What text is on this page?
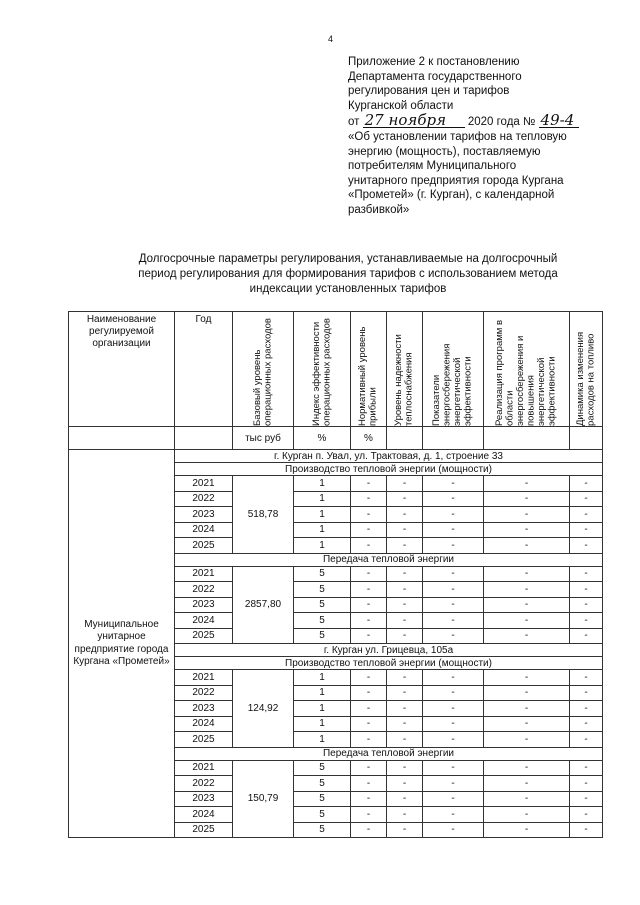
4
Приложение 2 к постановлению
Департамента государственного
регулирования цен и тарифов
Курганской области
от 27 ноября 2020 года № 49-4
«Об установлении тарифов на тепловую
энергию (мощность), поставляемую
потребителям Муниципального
унитарного предприятия города Кургана
«Прометей» (г. Курган), с календарной
разбивкой»
Долгосрочные параметры регулирования, устанавливаемые на долгосрочный
период регулирования для формирования тарифов с использованием метода
индексации установленных тарифов
Наименование регулируемой организации	Год	Базовый уровень операционных расходов	Индекс эффективности операционных расходов	Нормативный уровень прибыли	Уровень надежности теплоснабжения	Показатели энергосбережения энергетической эффективности	Реализация программ в области энергосбережения и повышения энергетической эффективности	Динамика изменения расходов на топливо

		тыс руб	%	%				
Муниципальное унитарное предприятие города Кургана «Прометей»	г. Курган п. Увал, ул. Трактовая, д. 1, строение 33							
	Производство тепловой энергии (мощности)							
	2021	518,78	1	-	-	-	-	-
	2022		1	-	-	-	-	-
	2023		1	-	-	-	-	-
	2024		1	-	-	-	-	-
	2025		1	-	-	-	-	-
	Передача тепловой энергии							
	2021	2857,80	5	-	-	-	-	-
	2022		5	-	-	-	-	-
	2023		5	-	-	-	-	-
	2024		5	-	-	-	-	-
	2025		5	-	-	-	-	-
	г. Курган ул. Грицевца, 105а							
	Производство тепловой энергии (мощности)							
	2021	124,92	1	-	-	-	-	-
	2022		1	-	-	-	-	-
	2023		1	-	-	-	-	-
	2024		1	-	-	-	-	-
	2025		1	-	-	-	-	-
	Передача тепловой энергии							
	2021	150,79	5	-	-	-	-	-
	2022		5	-	-	-	-	-
	2023		5	-	-	-	-	-
	2024		5	-	-	-	-	-
	2025		5	-	-	-	-	-
